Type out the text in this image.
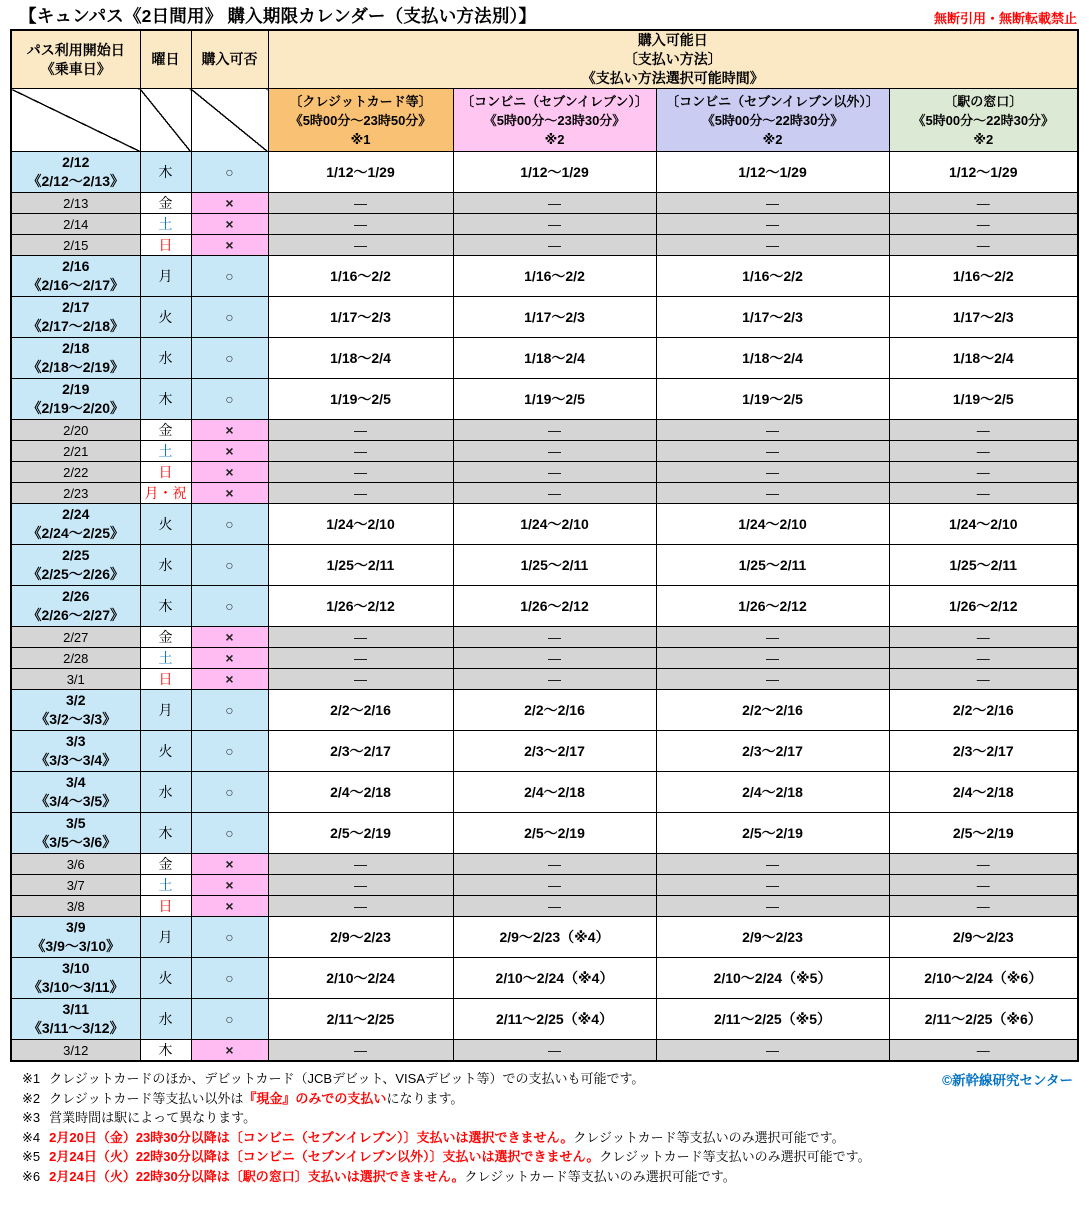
【キュンパス《2日間用》 購入期限カレンダー（支払い方法別）】	無断引用・無断転載禁止
パス利用開始日
《乗車日》
	曜日	購入可否	
購入可能日
〔支払い方法〕
《支払い方法選択可能時間》

〔クレジットカード等〕
《5時00分～23時50分》
※1

〔コンビニ（セブンイレブン）〕
《5時00分～23時30分》
※2

〔コンビニ（セブンイレブン以外）〕
《5時00分～22時30分》
※2

〔駅の窓口〕
《5時00分～22時30分》
※2

2/12
《2/12～2/13》	木	○	1/12～1/29	1/12～1/29	1/12～1/29	1/12～1/29
2/13	金	×	—	—	—	—
2/14	土	×	—	—	—	—
2/15	日	×	—	—	—	—

2/16
《2/16～2/17》	月	○	1/16～2/2	1/16～2/2	1/16～2/2	1/16～2/2

2/17
《2/17～2/18》	火	○	1/17～2/3	1/17～2/3	1/17～2/3	1/17～2/3

2/18
《2/18～2/19》	水	○	1/18～2/4	1/18～2/4	1/18～2/4	1/18～2/4

2/19
《2/19～2/20》	木	○	1/19～2/5	1/19～2/5	1/19～2/5	1/19～2/5
2/20	金	×	—	—	—	—
2/21	土	×	—	—	—	—
2/22	日	×	—	—	—	—
2/23	月・祝	×	—	—	—	—

2/24
《2/24～2/25》	火	○	1/24～2/10	1/24～2/10	1/24～2/10	1/24～2/10

2/25
《2/25～2/26》	水	○	1/25～2/11	1/25～2/11	1/25～2/11	1/25～2/11

2/26
《2/26～2/27》	木	○	1/26～2/12	1/26～2/12	1/26～2/12	1/26～2/12
2/27	金	×	—	—	—	—
2/28	土	×	—	—	—	—
3/1	日	×	—	—	—	—

3/2
《3/2～3/3》	月	○	2/2～2/16	2/2～2/16	2/2～2/16	2/2～2/16

3/3
《3/3～3/4》	火	○	2/3～2/17	2/3～2/17	2/3～2/17	2/3～2/17

3/4
《3/4～3/5》	水	○	2/4～2/18	2/4～2/18	2/4～2/18	2/4～2/18

3/5
《3/5～3/6》	木	○	2/5～2/19	2/5～2/19	2/5～2/19	2/5～2/19
3/6	金	×	—	—	—	—
3/7	土	×	—	—	—	—
3/8	日	×	—	—	—	—

3/9
《3/9～3/10》	月	○	2/9～2/23	2/9～2/23（※4）	2/9～2/23	2/9～2/23

3/10
《3/10～3/11》	火	○	2/10～2/24	2/10～2/24（※4）	2/10～2/24（※5）	2/10～2/24（※6）

3/11
《3/11～3/12》	水	○	2/11～2/25	2/11～2/25（※4）	2/11～2/25（※5）	2/11～2/25（※6）
3/12	木	×	—	—	—	—
©新幹線研究センター
※1 クレジットカードのほか、デビットカード（JCBデビット、VISAデビット等）での支払いも可能です。
※2 クレジットカード等支払い以外は『現金』のみでの支払いになります。
※3 営業時間は駅によって異なります。
※4 2月20日（金）23時30分以降は〔コンビニ（セブンイレブン）〕支払いは選択できません。クレジットカード等支払いのみ選択可能です。
※5 2月24日（火）22時30分以降は〔コンビニ（セブンイレブン以外）〕支払いは選択できません。クレジットカード等支払いのみ選択可能です。
※6 2月24日（火）22時30分以降は〔駅の窓口〕支払いは選択できません。クレジットカード等支払いのみ選択可能です。
